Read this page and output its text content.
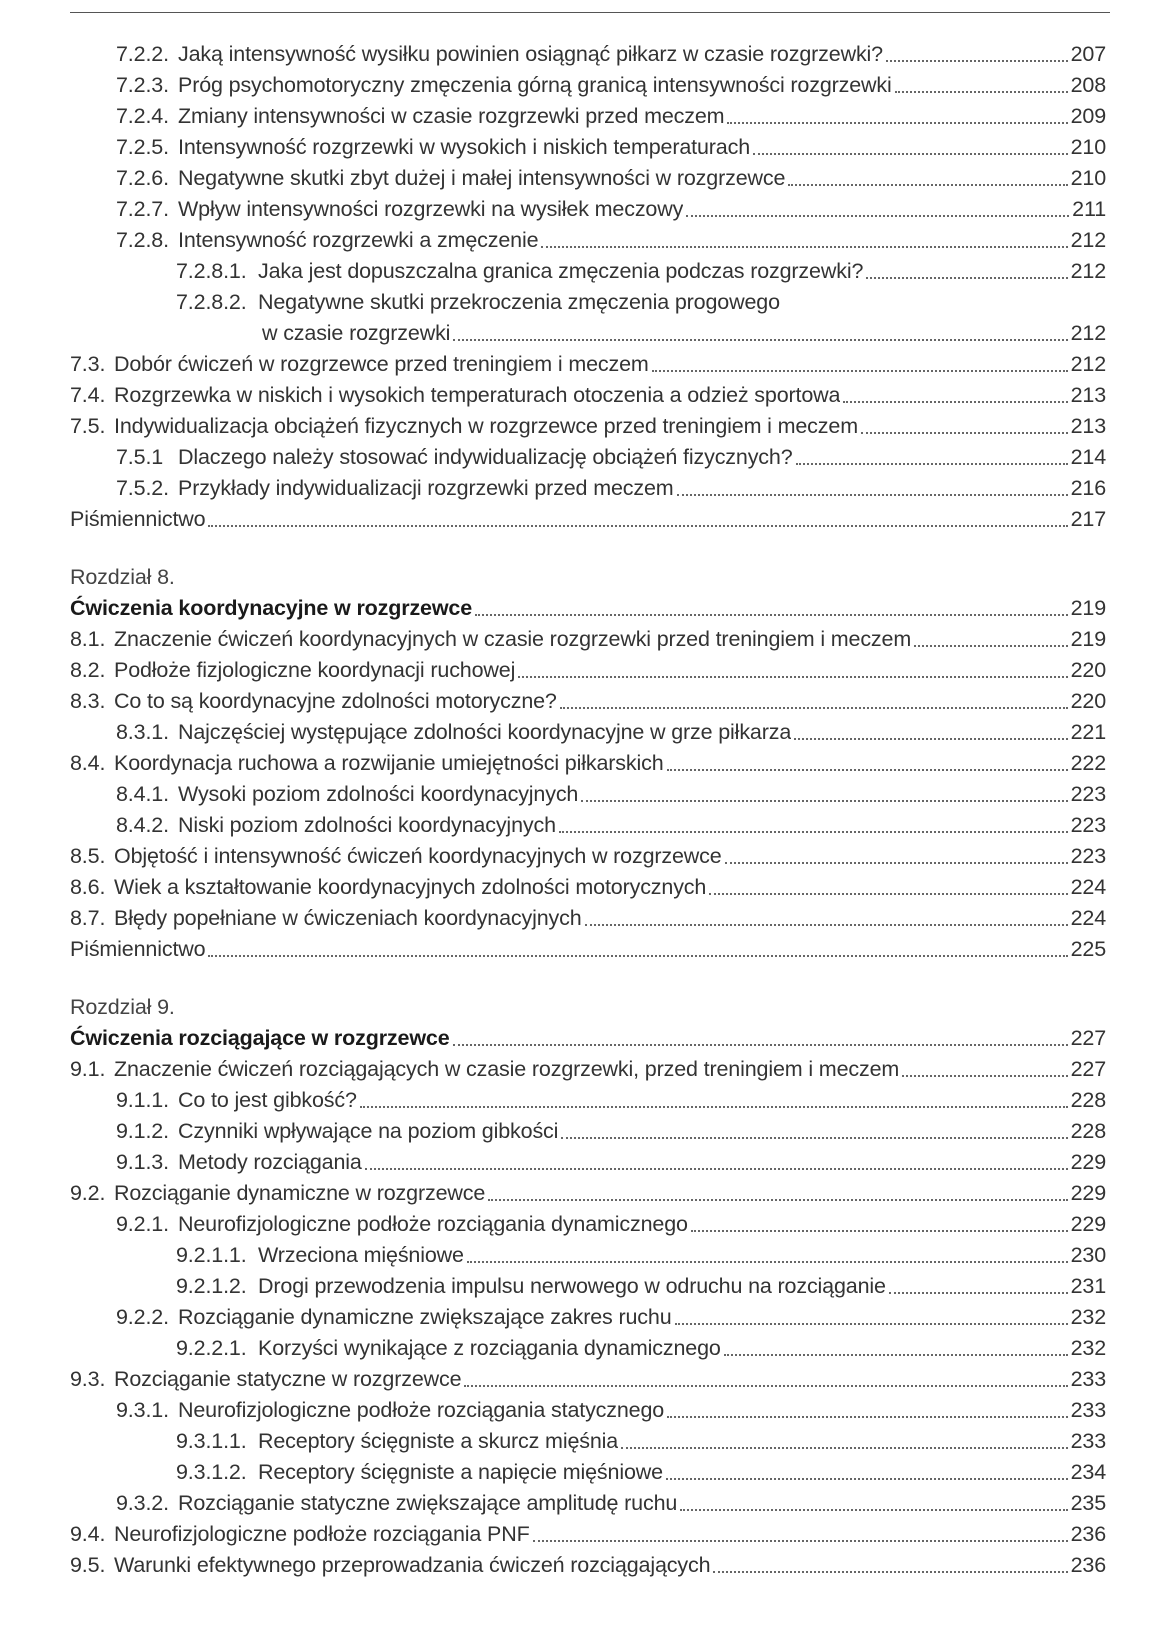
7.2.2. Jaką intensywność wysiłku powinien osiągnąć piłkarz w czasie rozgrzewki?	207
7.2.3. Próg psychomotoryczny zmęczenia górną granicą intensywności rozgrzewki	208
7.2.4. Zmiany intensywności w czasie rozgrzewki przed meczem	209
7.2.5. Intensywność rozgrzewki w wysokich i niskich temperaturach	210
7.2.6. Negatywne skutki zbyt dużej i małej intensywności w rozgrzewce	210
7.2.7. Wpływ intensywności rozgrzewki na wysiłek meczowy	211
7.2.8. Intensywność rozgrzewki a zmęczenie	212
7.2.8.1. Jaka jest dopuszczalna granica zmęczenia podczas rozgrzewki?	212
7.2.8.2. Negatywne skutki przekroczenia zmęczenia progowego
w czasie rozgrzewki	212
7.3. Dobór ćwiczeń w rozgrzewce przed treningiem i meczem	212
7.4. Rozgrzewka w niskich i wysokich temperaturach otoczenia a odzież sportowa	213
7.5. Indywidualizacja obciążeń fizycznych w rozgrzewce przed treningiem i meczem	213
7.5.1 Dlaczego należy stosować indywidualizację obciążeń fizycznych?	214
7.5.2. Przykłady indywidualizacji rozgrzewki przed meczem	216
Piśmiennictwo	217
Rozdział 8.
Ćwiczenia koordynacyjne w rozgrzewce	219
8.1. Znaczenie ćwiczeń koordynacyjnych w czasie rozgrzewki przed treningiem i meczem	219
8.2. Podłoże fizjologiczne koordynacji ruchowej	220
8.3. Co to są koordynacyjne zdolności motoryczne?	220
8.3.1. Najczęściej występujące zdolności koordynacyjne w grze piłkarza	221
8.4. Koordynacja ruchowa a rozwijanie umiejętności piłkarskich	222
8.4.1. Wysoki poziom zdolności koordynacyjnych	223
8.4.2. Niski poziom zdolności koordynacyjnych	223
8.5. Objętość i intensywność ćwiczeń koordynacyjnych w rozgrzewce	223
8.6. Wiek a kształtowanie koordynacyjnych zdolności motorycznych	224
8.7. Błędy popełniane w ćwiczeniach koordynacyjnych	224
Piśmiennictwo	225
Rozdział 9.
Ćwiczenia rozciągające w rozgrzewce	227
9.1. Znaczenie ćwiczeń rozciągających w czasie rozgrzewki, przed treningiem i meczem	227
9.1.1. Co to jest gibkość?	228
9.1.2. Czynniki wpływające na poziom gibkości	228
9.1.3. Metody rozciągania	229
9.2. Rozciąganie dynamiczne w rozgrzewce	229
9.2.1. Neurofizjologiczne podłoże rozciągania dynamicznego	229
9.2.1.1. Wrzeciona mięśniowe	230
9.2.1.2. Drogi przewodzenia impulsu nerwowego w odruchu na rozciąganie	231
9.2.2. Rozciąganie dynamiczne zwiększające zakres ruchu	232
9.2.2.1. Korzyści wynikające z rozciągania dynamicznego	232
9.3. Rozciąganie statyczne w rozgrzewce	233
9.3.1. Neurofizjologiczne podłoże rozciągania statycznego	233
9.3.1.1. Receptory ścięgniste a skurcz mięśnia	233
9.3.1.2. Receptory ścięgniste a napięcie mięśniowe	234
9.3.2. Rozciąganie statyczne zwiększające amplitudę ruchu	235
9.4. Neurofizjologiczne podłoże rozciągania PNF	236
9.5. Warunki efektywnego przeprowadzania ćwiczeń rozciągających	236
